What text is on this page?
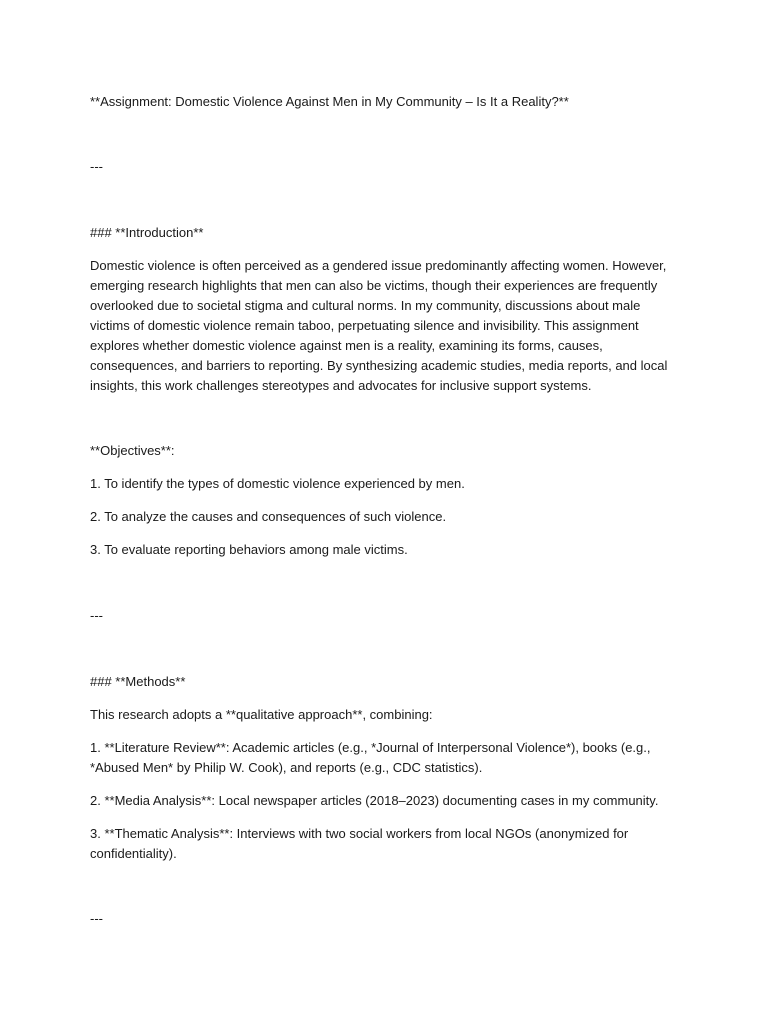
**Assignment: Domestic Violence Against Men in My Community – Is It a Reality?**

---

### **Introduction**

Domestic violence is often perceived as a gendered issue predominantly affecting women. However, emerging research highlights that men can also be victims, though their experiences are frequently overlooked due to societal stigma and cultural norms. In my community, discussions about male victims of domestic violence remain taboo, perpetuating silence and invisibility. This assignment explores whether domestic violence against men is a reality, examining its forms, causes, consequences, and barriers to reporting. By synthesizing academic studies, media reports, and local insights, this work challenges stereotypes and advocates for inclusive support systems.

**Objectives**:

1. To identify the types of domestic violence experienced by men.

2. To analyze the causes and consequences of such violence.

3. To evaluate reporting behaviors among male victims.

---

### **Methods**

This research adopts a **qualitative approach**, combining:

1. **Literature Review**: Academic articles (e.g., *Journal of Interpersonal Violence*), books (e.g., *Abused Men* by Philip W. Cook), and reports (e.g., CDC statistics).

2. **Media Analysis**: Local newspaper articles (2018–2023) documenting cases in my community.

3. **Thematic Analysis**: Interviews with two social workers from local NGOs (anonymized for confidentiality).

---
